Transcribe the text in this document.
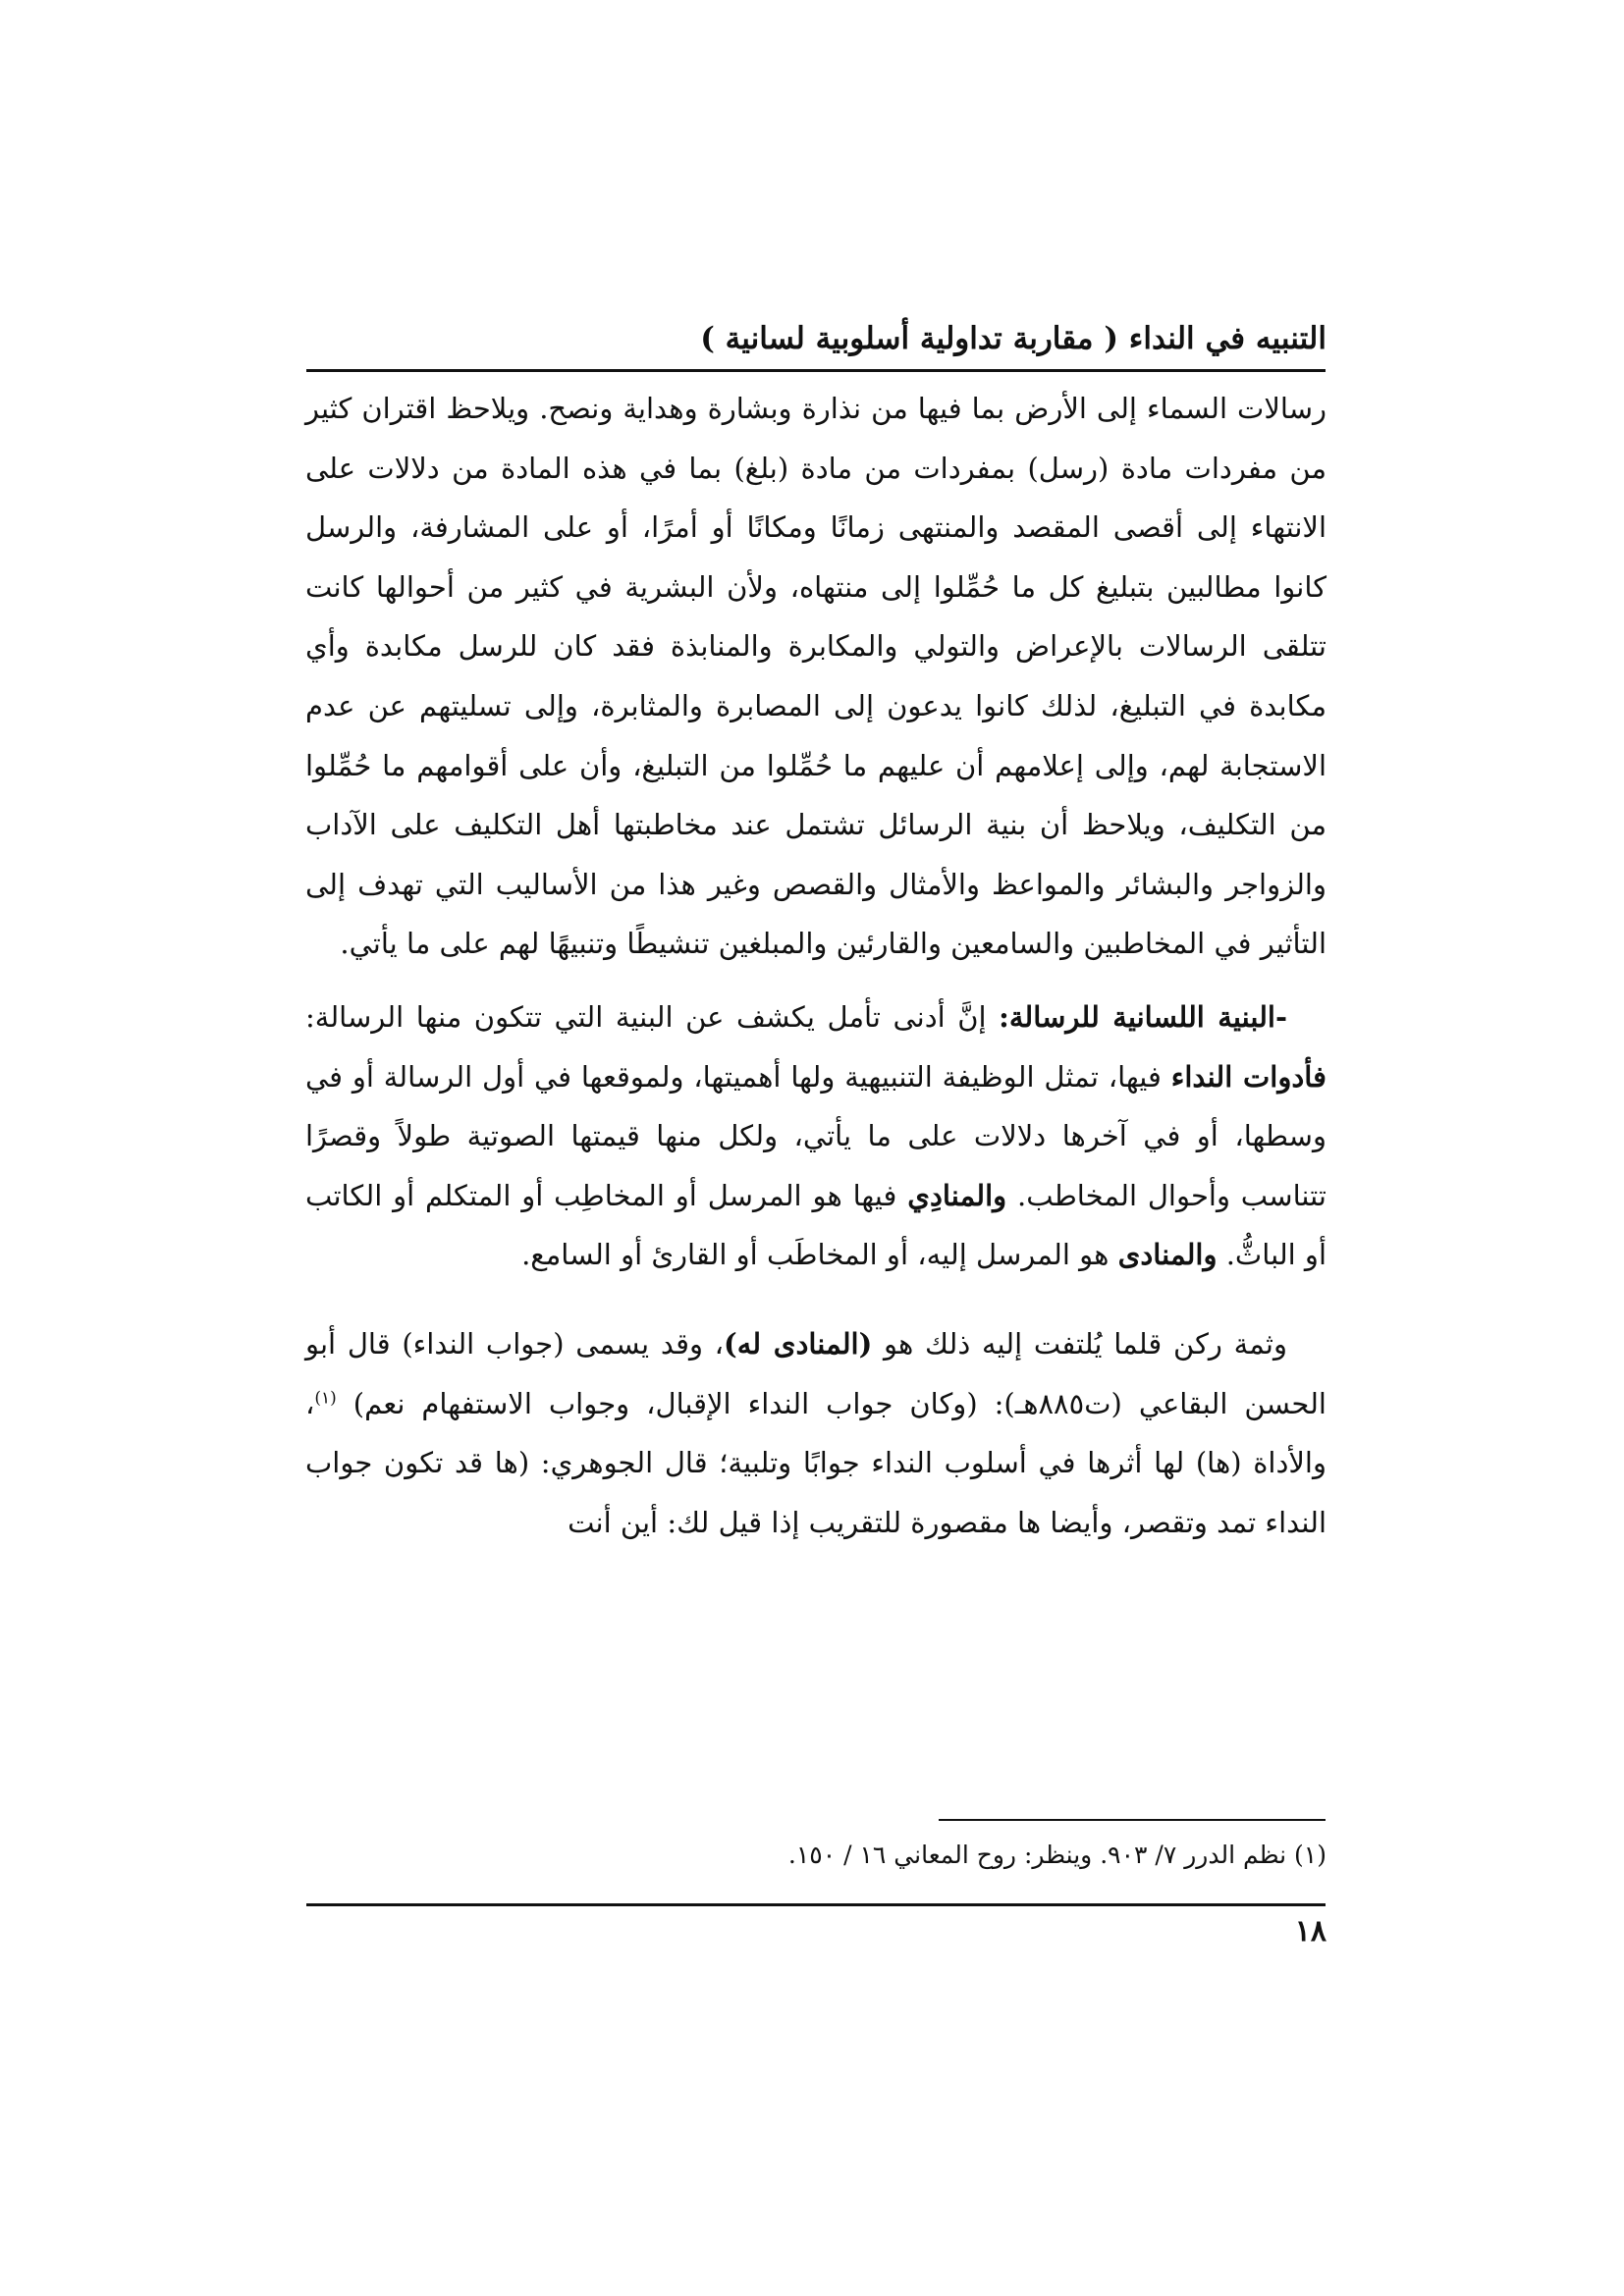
التنبيه في النداء ( مقاربة تداولية أسلوبية لسانية )

رسالات السماء إلى الأرض بما فيها من نذارة وبشارة وهداية ونصح. ويلاحظ اقتران كثير من مفردات مادة (رسل) بمفردات من مادة (بلغ) بما في هذه المادة من دلالات على الانتهاء إلى أقصى المقصد والمنتهى زمانًا ومكانًا أو أمرًا، أو على المشارفة، والرسل كانوا مطالبين بتبليغ كل ما حُمِّلوا إلى منتهاه، ولأن البشرية في كثير من أحوالها كانت تتلقى الرسالات بالإعراض والتولي والمكابرة والمنابذة فقد كان للرسل مكابدة وأي مكابدة في التبليغ، لذلك كانوا يدعون إلى المصابرة والمثابرة، وإلى تسليتهم عن عدم الاستجابة لهم، وإلى إعلامهم أن عليهم ما حُمِّلوا من التبليغ، وأن على أقوامهم ما حُمِّلوا من التكليف، ويلاحظ أن بنية الرسائل تشتمل عند مخاطبتها أهل التكليف على الآداب والزواجر والبشائر والمواعظ والأمثال والقصص وغير هذا من الأساليب التي تهدف إلى التأثير في المخاطبين والسامعين والقارئين والمبلغين تنشيطًا وتنبيهًا لهم على ما يأتي.

-البنية اللسانية للرسالة: إنَّ أدنى تأمل يكشف عن البنية التي تتكون منها الرسالة: فأدوات النداء فيها، تمثل الوظيفة التنبيهية ولها أهميتها، ولموقعها في أول الرسالة أو في وسطها، أو في آخرها دلالات على ما يأتي، ولكل منها قيمتها الصوتية طولاً وقصرًا تتناسب وأحوال المخاطب. والمنادِي فيها هو المرسل أو المخاطِب أو المتكلم أو الكاتب أو الباثُّ. والمنادى هو المرسل إليه، أو المخاطَب أو القارئ أو السامع.

وثمة ركن قلما يُلتفت إليه ذلك هو (المنادى له)، وقد يسمى (جواب النداء) قال أبو الحسن البقاعي (ت٨٨٥هـ): (وكان جواب النداء الإقبال، وجواب الاستفهام نعم) $^{(١)}$، والأداة (ها) لها أثرها في أسلوب النداء جوابًا وتلبية؛ قال الجوهري: (ها قد تكون جواب النداء تمد وتقصر، وأيضا ها مقصورة للتقريب إذا قيل لك: أين أنت

(١) نظم الدرر ٧/ ٩٠٣. وينظر: روح المعاني ١٦ / ١٥٠.
١٨
